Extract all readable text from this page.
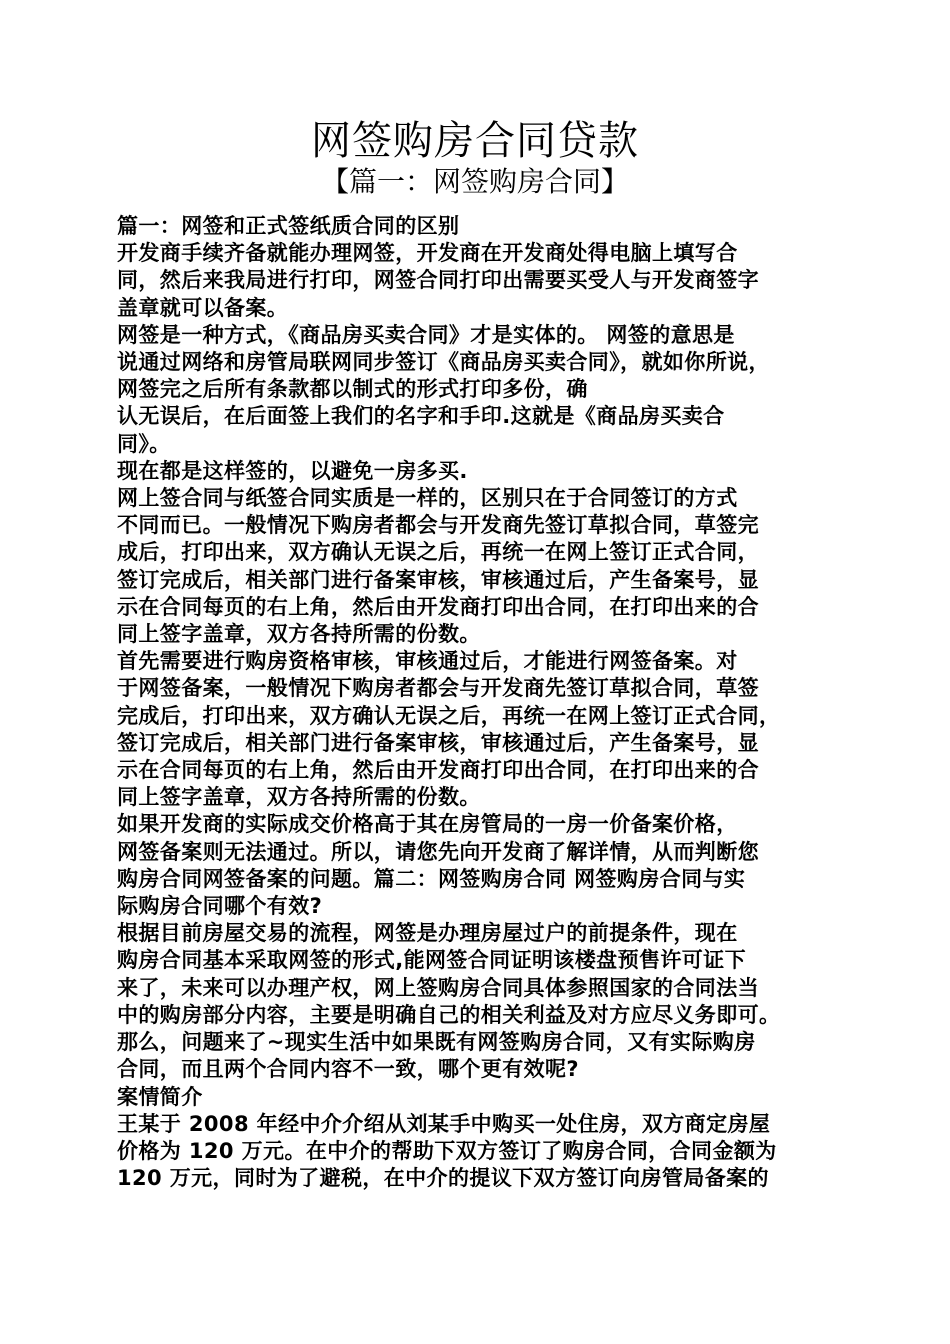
网签购房合同贷款
【篇一：网签购房合同】
篇一：网签和正式签纸质合同的区别
开发商手续齐备就能办理网签，开发商在开发商处得电脑上填写合
同，然后来我局进行打印，网签合同打印出需要买受人与开发商签字
盖章就可以备案。
网签是一种方式，《商品房买卖合同》才是实体的。 网签的意思是
说通过网络和房管局联网同步签订《商品房买卖合同》，就如你所说，
网签完之后所有条款都以制式的形式打印多份，确
认无误后，在后面签上我们的名字和手印.这就是《商品房买卖合
同》。
现在都是这样签的，以避免一房多买.
网上签合同与纸签合同实质是一样的，区别只在于合同签订的方式
不同而已。一般情况下购房者都会与开发商先签订草拟合同，草签完
成后，打印出来，双方确认无误之后，再统一在网上签订正式合同，
签订完成后，相关部门进行备案审核，审核通过后，产生备案号，显
示在合同每页的右上角，然后由开发商打印出合同，在打印出来的合
同上签字盖章，双方各持所需的份数。
首先需要进行购房资格审核，审核通过后，才能进行网签备案。对
于网签备案，一般情况下购房者都会与开发商先签订草拟合同，草签
完成后，打印出来，双方确认无误之后，再统一在网上签订正式合同，
签订完成后，相关部门进行备案审核，审核通过后，产生备案号，显
示在合同每页的右上角，然后由开发商打印出合同，在打印出来的合
同上签字盖章，双方各持所需的份数。
如果开发商的实际成交价格高于其在房管局的一房一价备案价格，
网签备案则无法通过。所以，请您先向开发商了解详情，从而判断您
购房合同网签备案的问题。篇二：网签购房合同 网签购房合同与实
际购房合同哪个有效?
根据目前房屋交易的流程，网签是办理房屋过户的前提条件，现在
购房合同基本采取网签的形式,能网签合同证明该楼盘预售许可证下
来了，未来可以办理产权，网上签购房合同具体参照国家的合同法当
中的购房部分内容，主要是明确自己的相关利益及对方应尽义务即可。
那么，问题来了~现实生活中如果既有网签购房合同，又有实际购房
合同，而且两个合同内容不一致，哪个更有效呢?
案情简介
王某于 2008 年经中介介绍从刘某手中购买一处住房，双方商定房屋
价格为 120 万元。在中介的帮助下双方签订了购房合同，合同金额为
120 万元，同时为了避税，在中介的提议下双方签订向房管局备案的
